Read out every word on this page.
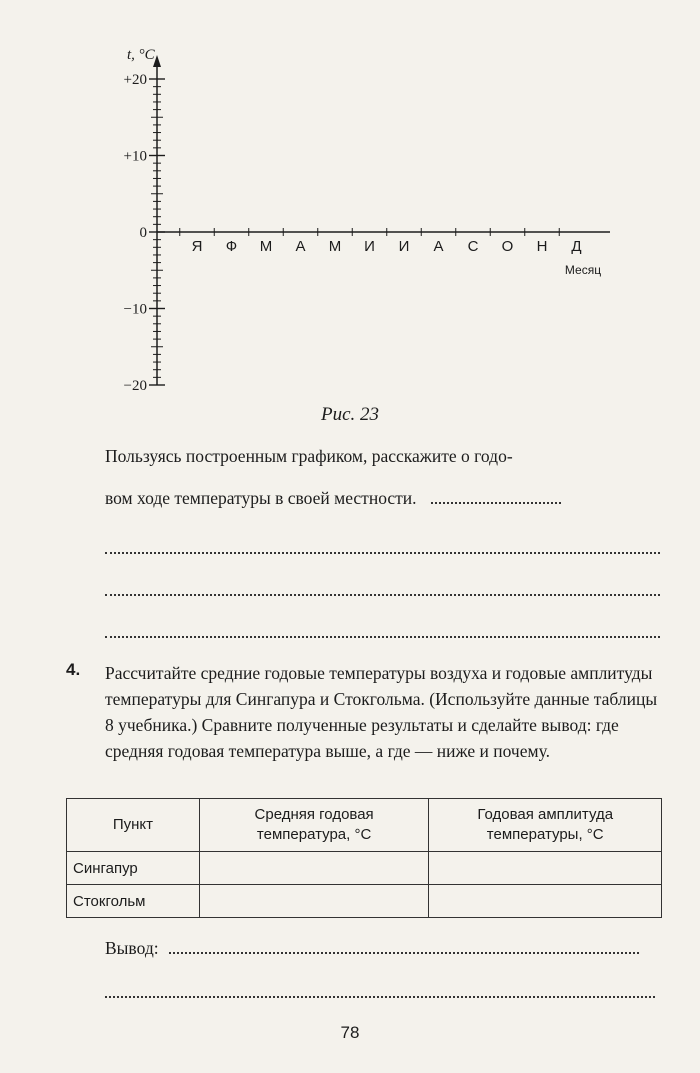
+20
+10
0
−10
−20
t, °C
Я Ф М А М И И А С О Н Д
Месяц
Рис. 23
Пользуясь построенным графиком, расскажите о годо-
вом ходе температуры в своей местности.
4. Рассчитайте средние годовые температуры воздуха и годовые амплитуды температуры для Сингапура и Стокгольма. (Используйте данные таблицы 8 учебника.) Сравните полученные результаты и сделайте вывод: где средняя годовая температура выше, а где — ниже и почему.
Пункт	Средняя годовая температура, °С	Годовая амплитуда температуры, °С
Сингапур		
Стокгольм		
Вывод:
78
